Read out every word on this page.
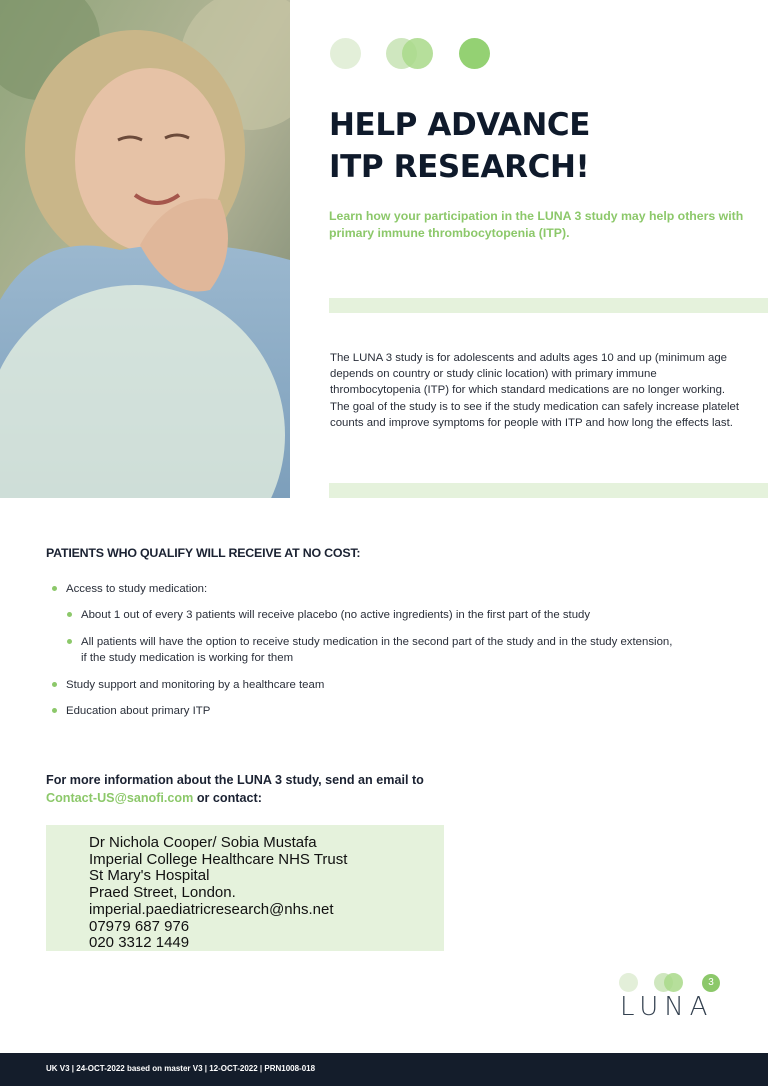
HELP ADVANCE
ITP RESEARCH!

Learn how your participation in the LUNA 3 study may help others with primary immune thrombocytopenia (ITP).

The LUNA 3 study is for adolescents and adults ages 10 and up (minimum age depends on country or study clinic location) with primary immune thrombocytopenia (ITP) for which standard medications are no longer working. The goal of the study is to see if the study medication can safely increase platelet counts and improve symptoms for people with ITP and how long the effects last.

PATIENTS WHO QUALIFY WILL RECEIVE AT NO COST:
Access to study medication:
About 1 out of every 3 patients will receive placebo (no active ingredients) in the first part of the study
All patients will have the option to receive study medication in the second part of the study and in the study extension, if the study medication is working for them
Study support and monitoring by a healthcare team
Education about primary ITP

For more information about the LUNA 3 study, send an email to
Contact-US@sanofi.com or contact:

Dr Nichola Cooper/ Sobia Mustafa
Imperial College Healthcare NHS Trust
St Mary's Hospital
Praed Street, London.
imperial.paediatricresearch@nhs.net
07979 687 976
020 3312 1449
3
LUNA
UK V3 | 24-OCT-2022 based on master V3 | 12-OCT-2022 | PRN1008-018
